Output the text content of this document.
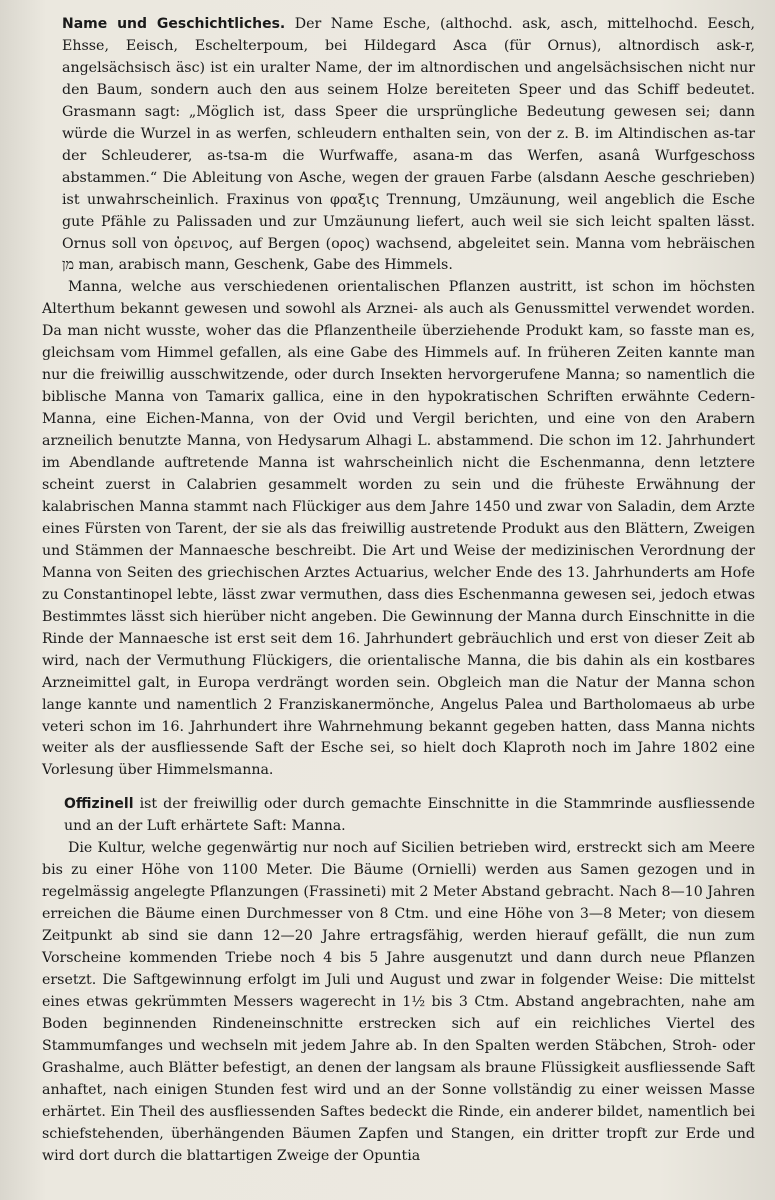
Name und Geschichtliches. Der Name Esche, (althochd. ask, asch, mittelhochd. Eesch, Ehsse, Eeisch, Eschelterpoum, bei Hildegard Asca (für Ornus), altnordisch ask-r, angelsächsisch äsc) ist ein uralter Name, der im altnordischen und angelsächsischen nicht nur den Baum, sondern auch den aus seinem Holze bereiteten Speer und das Schiff bedeutet. Grasmann sagt: „Möglich ist, dass Speer die ursprüngliche Bedeutung gewesen sei; dann würde die Wurzel in as werfen, schleudern enthalten sein, von der z. B. im Altindischen as-tar der Schleuderer, as-tsa-m die Wurfwaffe, asana-m das Werfen, asanâ Wurfgeschoss abstammen.“ Die Ableitung von Asche, wegen der grauen Farbe (alsdann Aesche geschrieben) ist unwahrscheinlich. Fraxinus von φραξις Trennung, Umzäunung, weil angeblich die Esche gute Pfähle zu Palissaden und zur Umzäunung liefert, auch weil sie sich leicht spalten lässt. Ornus soll von ὀρεινος, auf Bergen (ορος) wachsend, abgeleitet sein. Manna vom hebräischen מן man, arabisch mann, Geschenk, Gabe des Himmels.

Manna, welche aus verschiedenen orientalischen Pflanzen austritt, ist schon im höchsten Alterthum bekannt gewesen und sowohl als Arznei- als auch als Genussmittel verwendet worden. Da man nicht wusste, woher das die Pflanzentheile überziehende Produkt kam, so fasste man es, gleichsam vom Himmel gefallen, als eine Gabe des Himmels auf. In früheren Zeiten kannte man nur die freiwillig ausschwitzende, oder durch Insekten hervorgerufene Manna; so namentlich die biblische Manna von Tamarix gallica, eine in den hypokratischen Schriften erwähnte Cedern-Manna, eine Eichen-Manna, von der Ovid und Vergil berichten, und eine von den Arabern arzneilich benutzte Manna, von Hedysarum Alhagi L. abstammend. Die schon im 12. Jahrhundert im Abendlande auftretende Manna ist wahrscheinlich nicht die Eschenmanna, denn letztere scheint zuerst in Calabrien gesammelt worden zu sein und die früheste Erwähnung der kalabrischen Manna stammt nach Flückiger aus dem Jahre 1450 und zwar von Saladin, dem Arzte eines Fürsten von Tarent, der sie als das freiwillig austretende Produkt aus den Blättern, Zweigen und Stämmen der Mannaesche beschreibt. Die Art und Weise der medizinischen Verordnung der Manna von Seiten des griechischen Arztes Actuarius, welcher Ende des 13. Jahrhunderts am Hofe zu Constantinopel lebte, lässt zwar vermuthen, dass dies Eschenmanna gewesen sei, jedoch etwas Bestimmtes lässt sich hierüber nicht angeben. Die Gewinnung der Manna durch Einschnitte in die Rinde der Mannaesche ist erst seit dem 16. Jahrhundert gebräuchlich und erst von dieser Zeit ab wird, nach der Vermuthung Flückigers, die orientalische Manna, die bis dahin als ein kostbares Arzneimittel galt, in Europa verdrängt worden sein. Obgleich man die Natur der Manna schon lange kannte und namentlich 2 Franziskanermönche, Angelus Palea und Bartholomaeus ab urbe veteri schon im 16. Jahrhundert ihre Wahrnehmung bekannt gegeben hatten, dass Manna nichts weiter als der ausfliessende Saft der Esche sei, so hielt doch Klaproth noch im Jahre 1802 eine Vorlesung über Himmelsmanna.

Offizinell ist der freiwillig oder durch gemachte Einschnitte in die Stammrinde ausfliessende und an der Luft erhärtete Saft: Manna.

Die Kultur, welche gegenwärtig nur noch auf Sicilien betrieben wird, erstreckt sich am Meere bis zu einer Höhe von 1100 Meter. Die Bäume (Ornielli) werden aus Samen gezogen und in regelmässig angelegte Pflanzungen (Frassineti) mit 2 Meter Abstand gebracht. Nach 8—10 Jahren erreichen die Bäume einen Durchmesser von 8 Ctm. und eine Höhe von 3—8 Meter; von diesem Zeitpunkt ab sind sie dann 12—20 Jahre ertragsfähig, werden hierauf gefällt, die nun zum Vorscheine kommenden Triebe noch 4 bis 5 Jahre ausgenutzt und dann durch neue Pflanzen ersetzt. Die Saftgewinnung erfolgt im Juli und August und zwar in folgender Weise: Die mittelst eines etwas gekrümmten Messers wagerecht in 1½ bis 3 Ctm. Abstand angebrachten, nahe am Boden beginnenden Rindeneinschnitte erstrecken sich auf ein reichliches Viertel des Stammumfanges und wechseln mit jedem Jahre ab. In den Spalten werden Stäbchen, Stroh- oder Grashalme, auch Blätter befestigt, an denen der langsam als braune Flüssigkeit ausfliessende Saft anhaftet, nach einigen Stunden fest wird und an der Sonne vollständig zu einer weissen Masse erhärtet. Ein Theil des ausfliessenden Saftes bedeckt die Rinde, ein anderer bildet, namentlich bei schiefstehenden, überhängenden Bäumen Zapfen und Stangen, ein dritter tropft zur Erde und wird dort durch die blattartigen Zweige der Opuntia
